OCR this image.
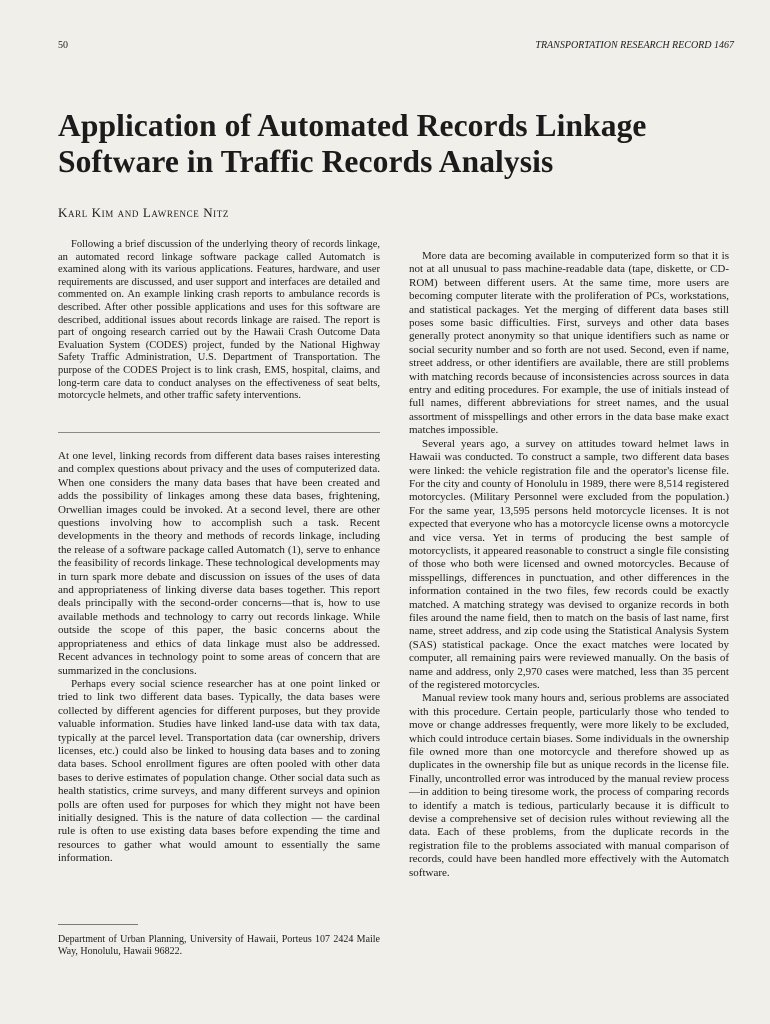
50	TRANSPORTATION RESEARCH RECORD 1467
Application of Automated Records Linkage Software in Traffic Records Analysis

Karl Kim and Lawrence Nitz

Following a brief discussion of the underlying theory of records linkage, an automated record linkage software package called Automatch is examined along with its various applications. Features, hardware, and user requirements are discussed, and user support and interfaces are detailed and commented on. An example linking crash reports to ambulance records is described. After other possible applications and uses for this software are described, additional issues about records linkage are raised. The report is part of ongoing research carried out by the Hawaii Crash Outcome Data Evaluation System (CODES) project, funded by the National Highway Safety Traffic Administration, U.S. Department of Transportation. The purpose of the CODES Project is to link crash, EMS, hospital, claims, and long-term care data to conduct analyses on the effectiveness of seat belts, motorcycle helmets, and other traffic safety interventions.

At one level, linking records from different data bases raises interesting and complex questions about privacy and the uses of computerized data. When one considers the many data bases that have been created and adds the possibility of linkages among these data bases, frightening, Orwellian images could be invoked. At a second level, there are other questions involving how to accomplish such a task. Recent developments in the theory and methods of records linkage, including the release of a software package called Automatch (1), serve to enhance the feasibility of records linkage. These technological developments may in turn spark more debate and discussion on issues of the uses of data and appropriateness of linking diverse data bases together. This report deals principally with the second-order concerns—that is, how to use available methods and technology to carry out records linkage. While outside the scope of this paper, the basic concerns about the appropriateness and ethics of data linkage must also be addressed. Recent advances in technology point to some areas of concern that are summarized in the conclusions.

Perhaps every social science researcher has at one point linked or tried to link two different data bases. Typically, the data bases were collected by different agencies for different purposes, but they provide valuable information. Studies have linked land-use data with tax data, typically at the parcel level. Transportation data (car ownership, drivers licenses, etc.) could also be linked to housing data bases and to zoning data bases. School enrollment figures are often pooled with other data bases to derive estimates of population change. Other social data such as health statistics, crime surveys, and many different surveys and opinion polls are often used for purposes for which they might not have been initially designed. This is the nature of data collection — the cardinal rule is often to use existing data bases before expending the time and resources to gather what would amount to essentially the same information.

More data are becoming available in computerized form so that it is not at all unusual to pass machine-readable data (tape, diskette, or CD-ROM) between different users. At the same time, more users are becoming computer literate with the proliferation of PCs, workstations, and statistical packages. Yet the merging of different data bases still poses some basic difficulties. First, surveys and other data bases generally protect anonymity so that unique identifiers such as name or social security number and so forth are not used. Second, even if name, street address, or other identifiers are available, there are still problems with matching records because of inconsistencies across sources in data entry and editing procedures. For example, the use of initials instead of full names, different abbreviations for street names, and the usual assortment of misspellings and other errors in the data base make exact matches impossible.

Several years ago, a survey on attitudes toward helmet laws in Hawaii was conducted. To construct a sample, two different data bases were linked: the vehicle registration file and the operator's license file. For the city and county of Honolulu in 1989, there were 8,514 registered motorcycles. (Military Personnel were excluded from the population.) For the same year, 13,595 persons held motorcycle licenses. It is not expected that everyone who has a motorcycle license owns a motorcycle and vice versa. Yet in terms of producing the best sample of motorcyclists, it appeared reasonable to construct a single file consisting of those who both were licensed and owned motorcycles. Because of misspellings, differences in punctuation, and other differences in the information contained in the two files, few records could be exactly matched. A matching strategy was devised to organize records in both files around the name field, then to match on the basis of last name, first name, street address, and zip code using the Statistical Analysis System (SAS) statistical package. Once the exact matches were located by computer, all remaining pairs were reviewed manually. On the basis of name and address, only 2,970 cases were matched, less than 35 percent of the registered motorcycles.

Manual review took many hours and, serious problems are associated with this procedure. Certain people, particularly those who tended to move or change addresses frequently, were more likely to be excluded, which could introduce certain biases. Some individuals in the ownership file owned more than one motorcycle and therefore showed up as duplicates in the ownership file but as unique records in the license file. Finally, uncontrolled error was introduced by the manual review process—in addition to being tiresome work, the process of comparing records to identify a match is tedious, particularly because it is difficult to devise a comprehensive set of decision rules without reviewing all the data. Each of these problems, from the duplicate records in the registration file to the problems associated with manual comparison of records, could have been handled more effectively with the Automatch software.

Department of Urban Planning, University of Hawaii, Porteus 107 2424 Maile Way, Honolulu, Hawaii 96822.
